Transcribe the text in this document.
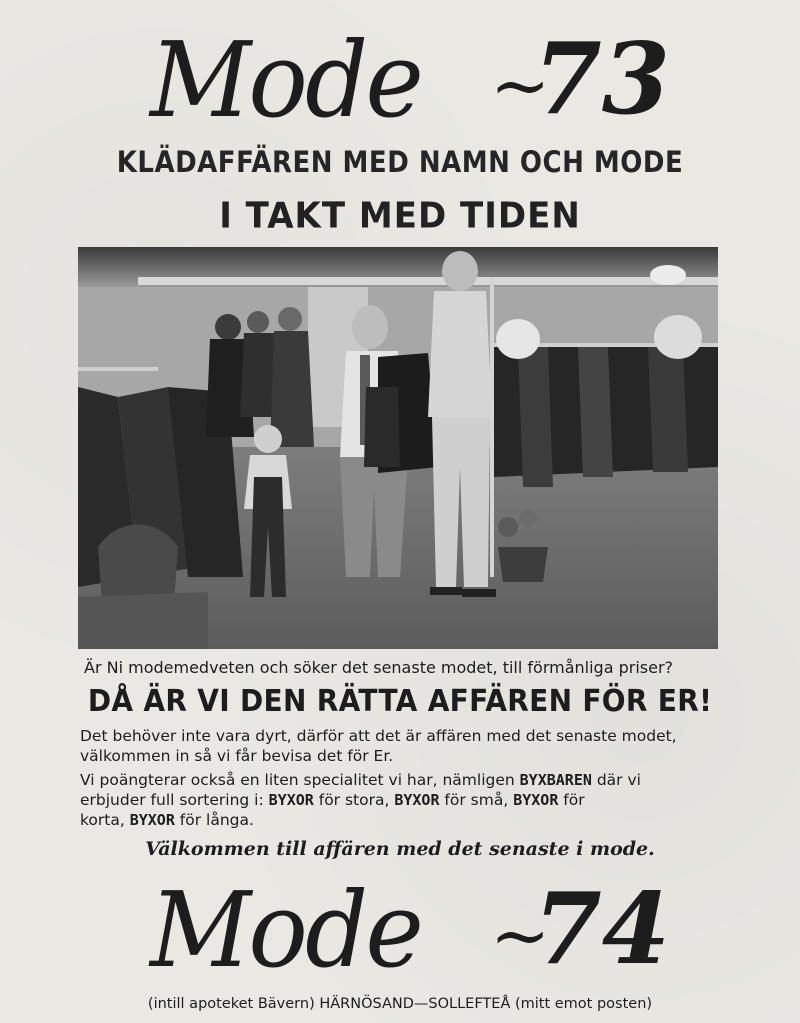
Mode ~
73
KLÄDAFFÄREN MED NAMN OCH MODE
I TAKT MED TIDEN
Är Ni modemedveten och söker det senaste modet, till förmånliga priser?
DÅ ÄR VI DEN RÄTTA AFFÄREN FÖR ER!
Det behöver inte vara dyrt, därför att det är affären med det senaste modet,
välkommen in så vi får bevisa det för Er.
Vi poängterar också en liten specialitet vi har, nämligen BYXBAREN där vi
erbjuder full sortering i: BYXOR för stora, BYXOR för små, BYXOR för
korta, BYXOR för långa.
Välkommen till affären med det senaste i mode.
Mode ~
74
(intill apoteket Bävern) HÄRNÖSAND—SOLLEFTEÅ (mitt emot posten)
